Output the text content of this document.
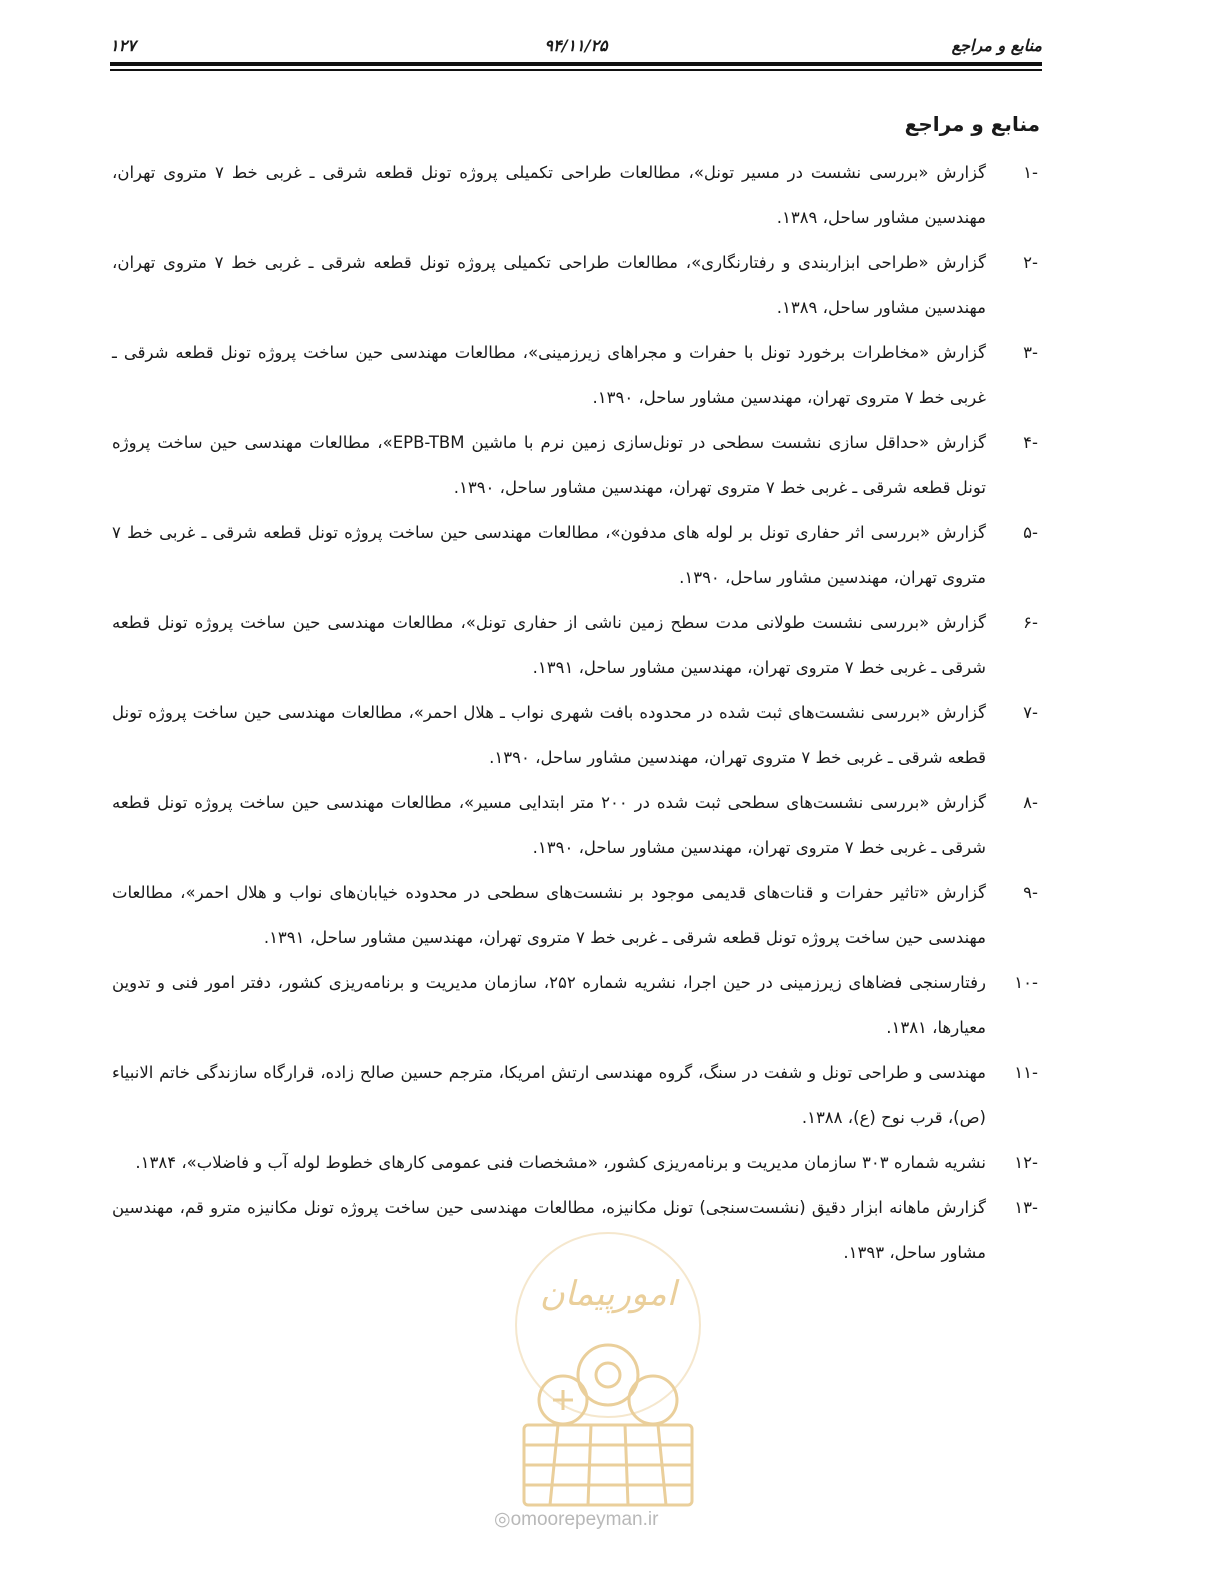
منابع و مراجع
۹۴/۱۱/۲۵
۱۲۷
منابع و مراجع
-۱
گزارش «بررسی نشست در مسیر تونل»، مطالعات طراحی تکمیلی پروژه تونل قطعه شرقی ـ غربی خط ۷ متروی تهران، مهندسین مشاور ساحل، ۱۳۸۹.
-۲
گزارش «طراحی ابزاربندی و رفتارنگاری»، مطالعات طراحی تکمیلی پروژه تونل قطعه شرقی ـ غربی خط ۷ متروی تهران، مهندسین مشاور ساحل، ۱۳۸۹.
-۳
گزارش «مخاطرات برخورد تونل با حفرات و مجراهای زیرزمینی»، مطالعات مهندسی حین ساخت پروژه تونل قطعه شرقی ـ غربی خط ۷ متروی تهران، مهندسین مشاور ساحل، ۱۳۹۰.
-۴
گزارش «حداقل سازی نشست سطحی در تونل‌سازی زمین نرم با ماشین EPB-TBM»، مطالعات مهندسی حین ساخت پروژه تونل قطعه شرقی ـ غربی خط ۷ متروی تهران، مهندسین مشاور ساحل، ۱۳۹۰.
-۵
گزارش «بررسی اثر حفاری تونل بر لوله های مدفون»، مطالعات مهندسی حین ساخت پروژه تونل قطعه شرقی ـ غربی خط ۷ متروی تهران، مهندسین مشاور ساحل، ۱۳۹۰.
-۶
گزارش «بررسی نشست طولانی مدت سطح زمین ناشی از حفاری تونل»، مطالعات مهندسی حین ساخت پروژه تونل قطعه شرقی ـ غربی خط ۷ متروی تهران، مهندسین مشاور ساحل، ۱۳۹۱.
-۷
گزارش «بررسی نشست‌های ثبت شده در محدوده بافت شهری نواب ـ هلال احمر»، مطالعات مهندسی حین ساخت پروژه تونل قطعه شرقی ـ غربی خط ۷ متروی تهران، مهندسین مشاور ساحل، ۱۳۹۰.
-۸
گزارش «بررسی نشست‌های سطحی ثبت شده در ۲۰۰ متر ابتدایی مسیر»، مطالعات مهندسی حین ساخت پروژه تونل قطعه شرقی ـ غربی خط ۷ متروی تهران، مهندسین مشاور ساحل، ۱۳۹۰.
-۹
گزارش «تاثیر حفرات و قنات‌های قدیمی موجود بر نشست‌های سطحی در محدوده خیابان‌های نواب و هلال احمر»، مطالعات مهندسی حین ساخت پروژه تونل قطعه شرقی ـ غربی خط ۷ متروی تهران، مهندسین مشاور ساحل، ۱۳۹۱.
-۱۰
رفتارسنجی فضاهای زیرزمینی در حین اجرا، نشریه شماره ۲۵۲، سازمان مدیریت و برنامه‌ریزی کشور، دفتر امور فنی و تدوین معیارها، ۱۳۸۱.
-۱۱
مهندسی و طراحی تونل و شفت در سنگ، گروه مهندسی ارتش امریکا، مترجم حسین صالح زاده، قرارگاه سازندگی خاتم الانبیاء (ص)، قرب نوح (ع)، ۱۳۸۸.
-۱۲
نشریه شماره ۳۰۳ سازمان مدیریت و برنامه‌ریزی کشور، «مشخصات فنی عمومی کارهای خطوط لوله آب و فاضلاب»، ۱۳۸۴.
-۱۳
گزارش ماهانه ابزار دقیق (نشست‌سنجی) تونل مکانیزه، مطالعات مهندسی حین ساخت پروژه تونل مکانیزه مترو قم، مهندسین مشاور ساحل، ۱۳۹۳.
امورپیمان
◎omoorepeyman.ir
